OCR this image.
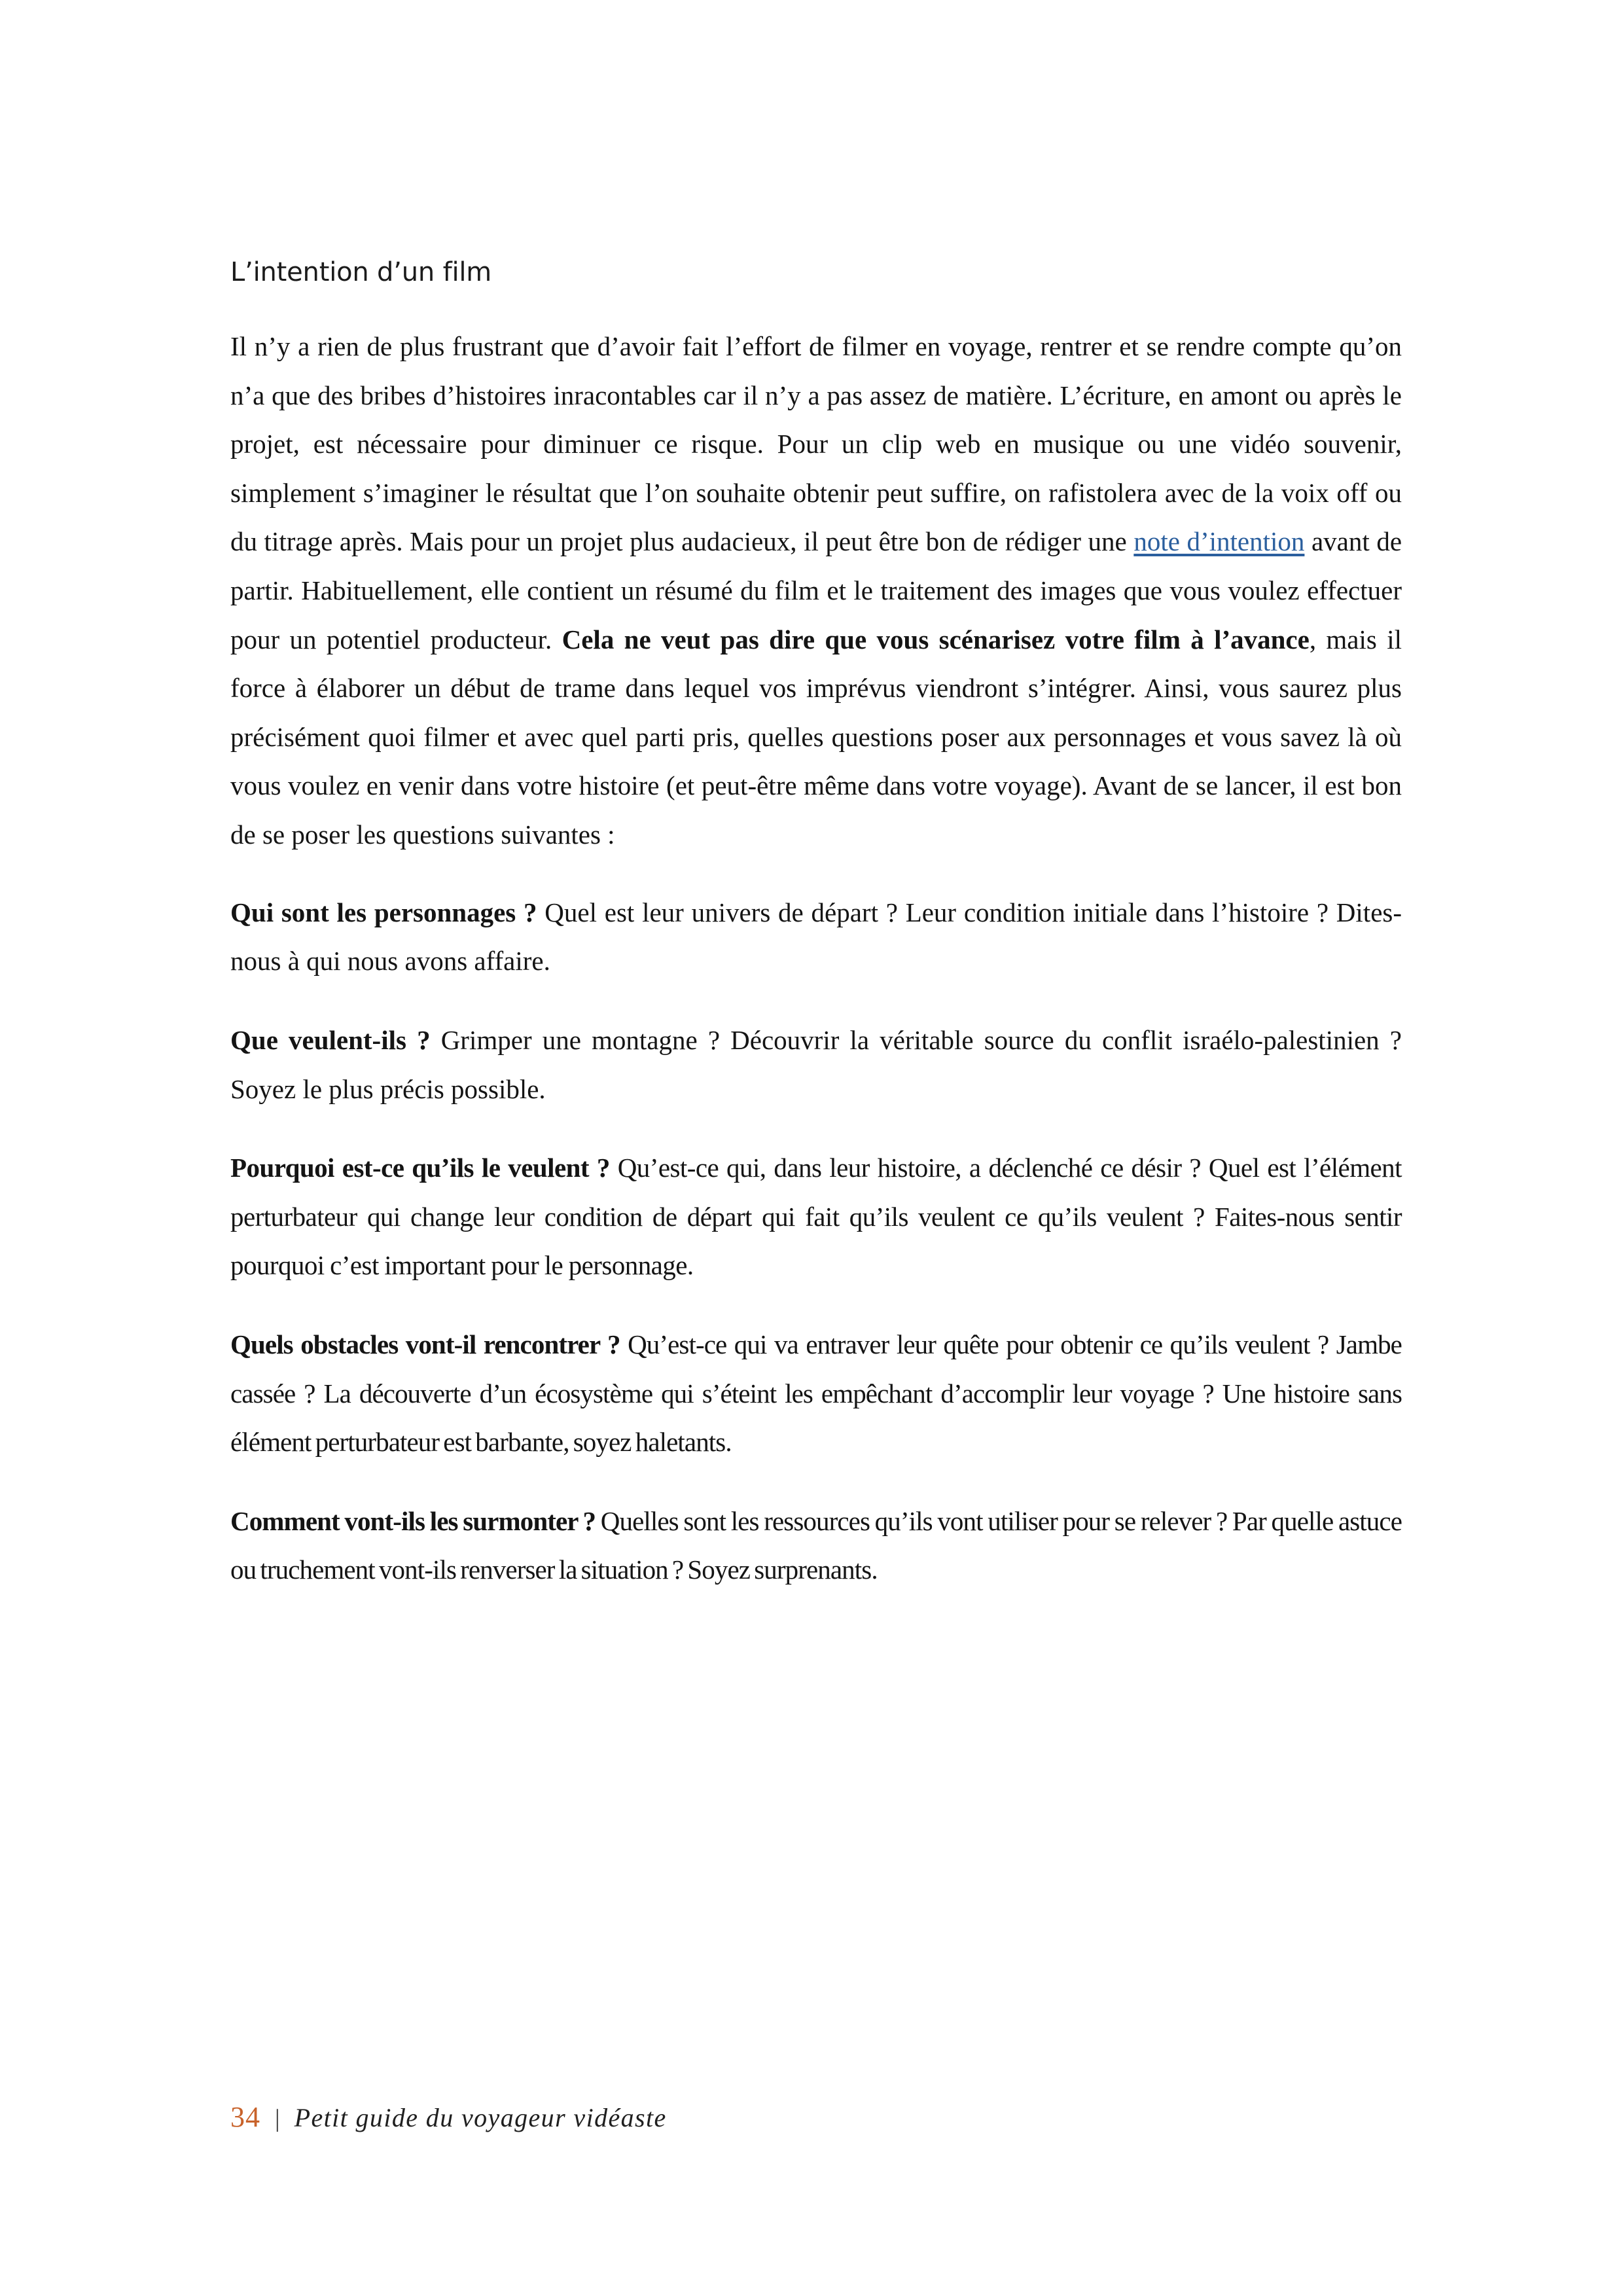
L’intention d’un film

Il n’y a rien de plus frustrant que d’avoir fait l’effort de filmer en voyage, rentrer et se rendre compte qu’on n’a que des bribes d’histoires inracontables car il n’y a pas assez de matière. L’écriture, en amont ou après le projet, est nécessaire pour diminuer ce risque. Pour un clip web en musique ou une vidéo souvenir, simplement s’imaginer le résultat que l’on souhaite obtenir peut suffire, on rafistolera avec de la voix off ou du titrage après. Mais pour un projet plus audacieux, il peut être bon de rédiger une note d’intention avant de partir. Habituellement, elle contient un résumé du film et le traitement des images que vous voulez effectuer pour un potentiel producteur. Cela ne veut pas dire que vous scénarisez votre film à l’avance, mais il force à élaborer un début de trame dans lequel vos imprévus viendront s’intégrer. Ainsi, vous saurez plus précisément quoi filmer et avec quel parti pris, quelles questions poser aux personnages et vous savez là où vous voulez en venir dans votre histoire (et peut-être même dans votre voyage). Avant de se lancer, il est bon de se poser les questions suivantes :

Qui sont les personnages ? Quel est leur univers de départ ? Leur condition initiale dans l’histoire ? Dites-nous à qui nous avons affaire.

Que veulent-ils ? Grimper une montagne ? Découvrir la véritable source du conflit israélo-palestinien ? Soyez le plus précis possible.

Pourquoi est-ce qu’ils le veulent ? Qu’est-ce qui, dans leur histoire, a déclenché ce désir ? Quel est l’élément perturbateur qui change leur condition de départ qui fait qu’ils veulent ce qu’ils veulent ? Faites-nous sentir pourquoi c’est important pour le personnage.

Quels obstacles vont-il rencontrer ? Qu’est-ce qui va entraver leur quête pour obtenir ce qu’ils veulent ? Jambe cassée ? La découverte d’un écosystème qui s’éteint les empêchant d’accomplir leur voyage ? Une histoire sans élément perturbateur est barbante, soyez haletants.

Comment vont-ils les surmonter ? Quelles sont les ressources qu’ils vont utiliser pour se relever ? Par quelle astuce ou truchement vont-ils renverser la situation ? Soyez surprenants.

34 | Petit guide du voyageur vidéaste
